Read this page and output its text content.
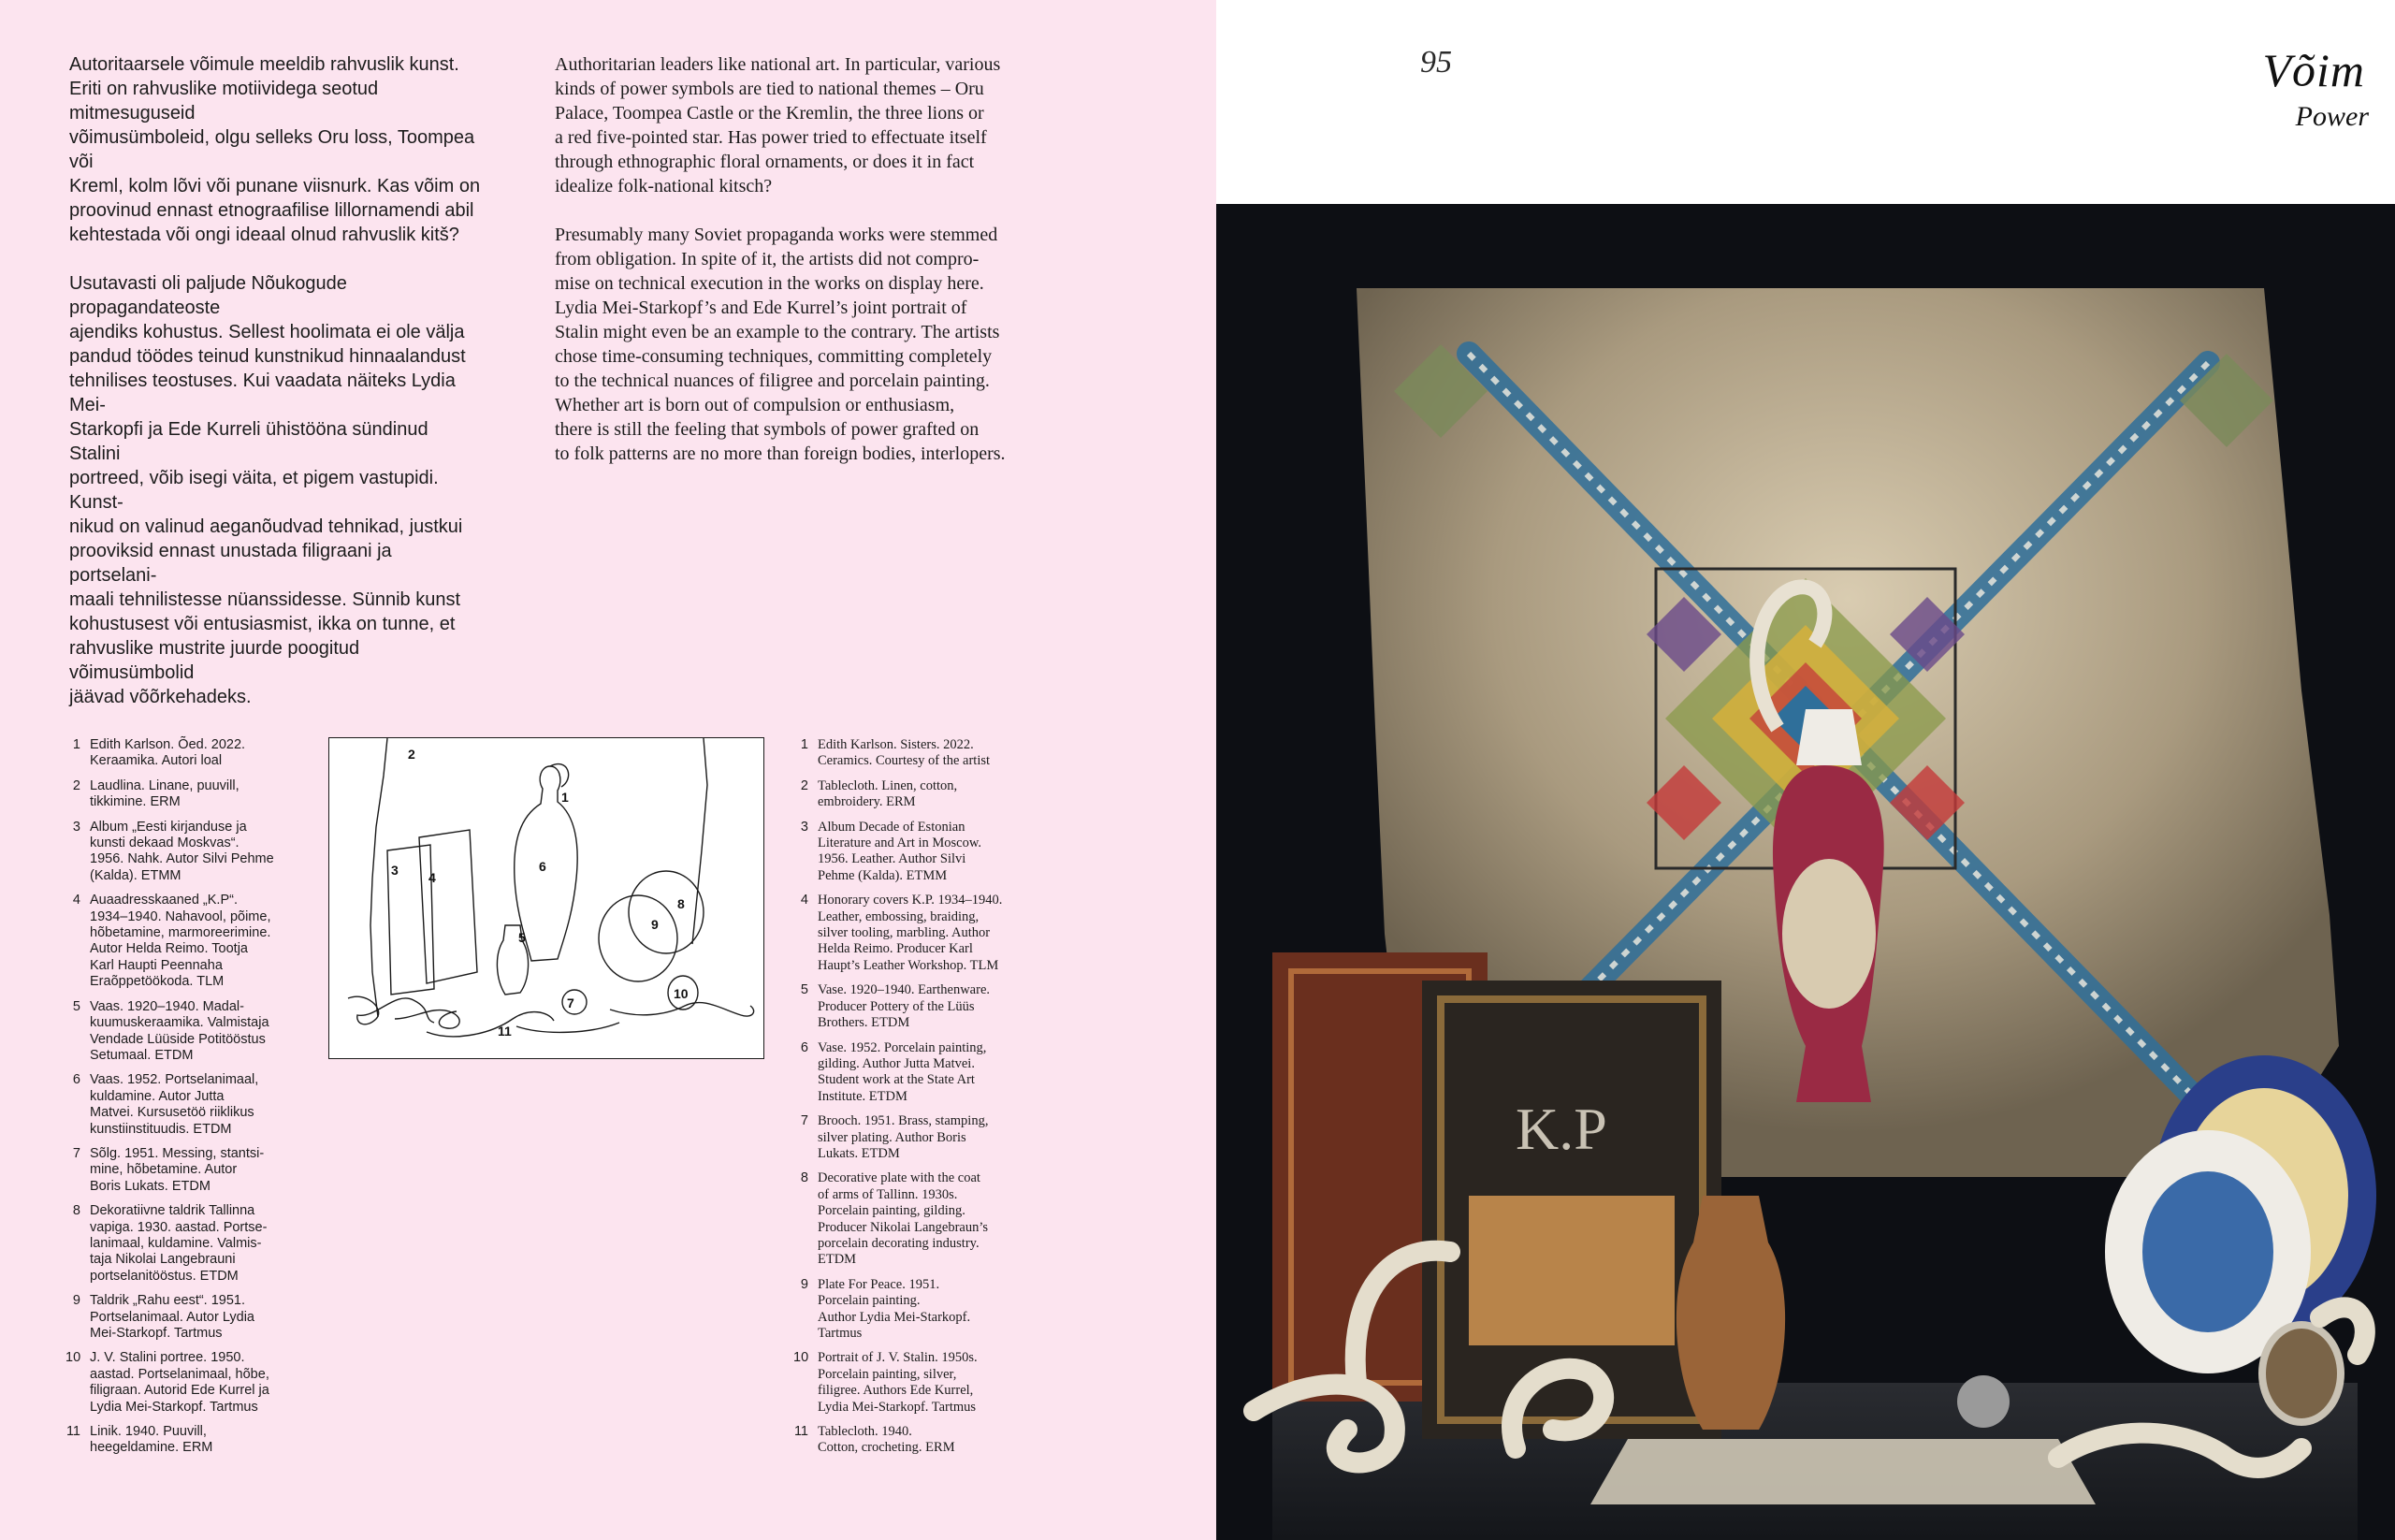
Autoritaarsele võimule meeldib rahvuslik kunst.
Eriti on rahvuslike motiividega seotud mitmesuguseid
võimusümboleid, olgu selleks Oru loss, Toompea või
Kreml, kolm lõvi või punane viisnurk. Kas võim on
proovinud ennast etnograafilise lillornamendi abil
kehtestada või ongi ideaal olnud rahvuslik kitš?

Usutavasti oli paljude Nõukogude propagandateoste
ajendiks kohustus. Sellest hoolimata ei ole välja
pandud töödes teinud kunstnikud hinnaalandust
tehnilises teostuses. Kui vaadata näiteks Lydia Mei-
Starkopfi ja Ede Kurreli ühistööna sündinud Stalini
portreed, võib isegi väita, et pigem vastupidi. Kunst-
nikud on valinud aeganõudvad tehnikad, justkui
prooviksid ennast unustada filigraani ja portselani-
maali tehnilistesse nüanssidesse. Sünnib kunst
kohustusest või entusiasmist, ikka on tunne, et
rahvuslike mustrite juurde poogitud võimusümbolid
jäävad võõrkehadeks.

Authoritarian leaders like national art. In particular, various
kinds of power symbols are tied to national themes – Oru
Palace, Toompea Castle or the Kremlin, the three lions or
a red five-pointed star. Has power tried to effectuate itself
through ethnographic floral ornaments, or does it in fact
idealize folk-national kitsch?

Presumably many Soviet propaganda works were stemmed
from obligation. In spite of it, the artists did not compro-
mise on technical execution in the works on display here.
Lydia Mei-Starkopf’s and Ede Kurrel’s joint portrait of
Stalin might even be an example to the contrary. The artists
chose time-consuming techniques, committing completely
to the technical nuances of filigree and porcelain painting.
Whether art is born out of compulsion or enthusiasm,
there is still the feeling that symbols of power grafted on
to folk patterns are no more than foreign bodies, interlopers.

1 Edith Karlson. Õed. 2022.
Keraamika. Autori loal
2 Laudlina. Linane, puuvill,
tikkimine. ERM
3 Album „Eesti kirjanduse ja
kunsti dekaad Moskvas“.
1956. Nahk. Autor Silvi Pehme
(Kalda). ETMM
4 Auaadresskaaned „K.P“.
1934–1940. Nahavool, põime,
hõbetamine, marmoreerimine.
Autor Helda Reimo. Tootja
Karl Haupti Peennaha
Eraõppetöökoda. TLM
5 Vaas. 1920–1940. Madal-
kuumuskeraamika. Valmistaja
Vendade Lüüside Potitööstus
Setumaal. ETDM
6 Vaas. 1952. Portselanimaal,
kuldamine. Autor Jutta
Matvei. Kursusetöö riiklikus
kunstiinstituudis. ETDM
7 Sõlg. 1951. Messing, stantsi-
mine, hõbetamine. Autor
Boris Lukats. ETDM
8 Dekoratiivne taldrik Tallinna
vapiga. 1930. aastad. Portse-
lanimaal, kuldamine. Valmis-
taja Nikolai Langebrauni
portselanitööstus. ETDM
9 Taldrik „Rahu eest“. 1951.
Portselanimaal. Autor Lydia
Mei-Starkopf. Tartmus
10 J. V. Stalini portree. 1950.
aastad. Portselanimaal, hõbe,
filigraan. Autorid Ede Kurrel ja
Lydia Mei-Starkopf. Tartmus
11 Linik. 1940. Puuvill,
heegeldamine. ERM
1
2
3 4
5
6
7
8
9
10
11
1 Edith Karlson. Sisters. 2022.
Ceramics. Courtesy of the artist
2 Tablecloth. Linen, cotton,
embroidery. ERM
3 Album Decade of Estonian
Literature and Art in Moscow.
1956. Leather. Author Silvi
Pehme (Kalda). ETMM
4 Honorary covers K.P. 1934–1940.
Leather, embossing, braiding,
silver tooling, marbling. Author
Helda Reimo. Producer Karl
Haupt’s Leather Workshop. TLM
5 Vase. 1920–1940. Earthenware.
Producer Pottery of the Lüüs
Brothers. ETDM
6 Vase. 1952. Porcelain painting,
gilding. Author Jutta Matvei.
Student work at the State Art
Institute. ETDM
7 Brooch. 1951. Brass, stamping,
silver plating. Author Boris
Lukats. ETDM
8 Decorative plate with the coat
of arms of Tallinn. 1930s.
Porcelain painting, gilding.
Producer Nikolai Langebraun’s
porcelain decorating industry.
ETDM
9 Plate For Peace. 1951.
Porcelain painting.
Author Lydia Mei-Starkopf.
Tartmus
10 Portrait of J. V. Stalin. 1950s.
Porcelain painting, silver,
filigree. Authors Ede Kurrel,
Lydia Mei-Starkopf. Tartmus
11 Tablecloth. 1940.
Cotton, crocheting. ERM
95	Võim
Power
K.P
